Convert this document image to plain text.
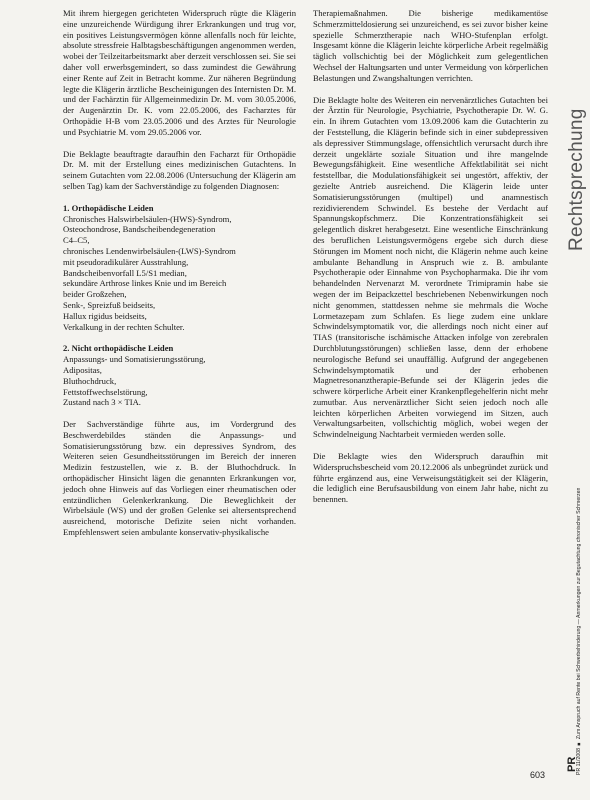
Mit ihrem hiergegen gerichteten Widerspruch rügte die Klägerin eine unzureichende Würdigung ihrer Erkrankungen und trug vor, ein positives Leistungsvermögen könne allenfalls noch für leichte, absolute stressfreie Halbtagsbeschäftigungen angenommen werden, wobei der Teilzeitarbeitsmarkt aber derzeit verschlossen sei. Sie sei daher voll erwerbsgemindert, so dass zumindest die Gewährung einer Rente auf Zeit in Betracht komme. Zur näheren Begründung legte die Klägerin ärztliche Bescheinigungen des Internisten Dr. M. und der Fachärztin für Allgemeinmedizin Dr. M. vom 30.05.2006, der Augenärztin Dr. K. vom 22.05.2006, des Facharztes für Orthopädie H-B vom 23.05.2006 und des Arztes für Neurologie und Psychiatrie M. vom 29.05.2006 vor.

Die Beklagte beauftragte daraufhin den Facharzt für Orthopädie Dr. M. mit der Erstellung eines medizinischen Gutachtens. In seinem Gutachten vom 22.08.2006 (Untersuchung der Klägerin am selben Tag) kam der Sachverständige zu folgenden Diagnosen:

1. Orthopädische Leiden

Chronisches Halswirbelsäulen-(HWS)-Syndrom,

Osteochondrose, Bandscheibendegeneration

C4–C5,

chronisches Lendenwirbelsäulen-(LWS)-Syndrom

mit pseudoradikulärer Ausstrahlung,

Bandscheibenvorfall L5/S1 median,

sekundäre Arthrose linkes Knie und im Bereich

beider Großzehen,

Senk-, Spreizfuß beidseits,

Hallux rigidus beidseits,

Verkalkung in der rechten Schulter.

2. Nicht orthopädische Leiden

Anpassungs- und Somatisierungsstörung,

Adipositas,

Bluthochdruck,

Fettstoffwechselstörung,

Zustand nach 3 × TIA.

Der Sachverständige führte aus, im Vordergrund des Beschwerdebildes ständen die Anpassungs- und Somatisierungsstörung bzw. ein depressives Syndrom, des Weiteren seien Gesundheitsstörungen im Bereich der inneren Medizin festzustellen, wie z. B. der Bluthochdruck. In orthopädischer Hinsicht lägen die genannten Erkrankungen vor, jedoch ohne Hinweis auf das Vorliegen einer rheumatischen oder entzündlichen Gelenkerkrankung. Die Beweglichkeit der Wirbelsäule (WS) und der großen Gelenke sei altersentsprechend ausreichend, motorische Defizite seien nicht vorhanden. Empfehlenswert seien ambulante konservativ-physikalische

Therapiemaßnahmen. Die bisherige medikamentöse Schmerzmitteldosierung sei unzureichend, es sei zuvor bisher keine spezielle Schmerztherapie nach WHO-Stufenplan erfolgt. Insgesamt könne die Klägerin leichte körperliche Arbeit regelmäßig täglich vollschichtig bei der Möglichkeit zum gelegentlichen Wechsel der Haltungsarten und unter Vermeidung von körperlichen Belastungen und Zwangshaltungen verrichten.

Die Beklagte holte des Weiteren ein nervenärztliches Gutachten bei der Ärztin für Neurologie, Psychiatrie, Psychotherapie Dr. W. G. ein. In ihrem Gutachten vom 13.09.2006 kam die Gutachterin zu der Feststellung, die Klägerin befinde sich in einer subdepressiven als depressiver Stimmungslage, offensichtlich verursacht durch ihre derzeit ungeklärte soziale Situation und ihre mangelnde Bewegungsfähigkeit. Eine wesentliche Affektlabilität sei nicht feststellbar, die Modulationsfähigkeit sei ungestört, affektiv, der gezielte Antrieb ausreichend. Die Klägerin leide unter Somatisierungsstörungen (multipel) und anamnestisch rezidivierendem Schwindel. Es bestehe der Verdacht auf Spannungskopfschmerz. Die Konzentrationsfähigkeit sei gelegentlich diskret herabgesetzt. Eine wesentliche Einschränkung des beruflichen Leistungsvermögens ergebe sich durch diese Störungen im Moment noch nicht, die Klägerin nehme auch keine ambulante Behandlung in Anspruch wie z. B. ambulante Psychotherapie oder Einnahme von Psychopharmaka. Die ihr vom behandelnden Nervenarzt M. verordnete Trimipramin habe sie wegen der im Beipackzettel beschriebenen Nebenwirkungen noch nicht genommen, stattdessen nehme sie mehrmals die Woche Lormetazepam zum Schlafen. Es liege zudem eine unklare Schwindelsymptomatik vor, die allerdings noch nicht einer auf TIAS (transitorische ischämische Attacken infolge von zerebralen Durchblutungsstörungen) schließen lasse, denn der erhobene neurologische Befund sei unauffällig. Aufgrund der angegebenen Schwindelsymptomatik und der erhobenen Magnetresonanztherapie-Befunde sei der Klägerin jedes die schwere körperliche Arbeit einer Krankenpflegehelferin nicht mehr zumutbar. Aus nervenärztlicher Sicht seien jedoch noch alle leichten körperlichen Arbeiten vorwiegend im Sitzen, auch Verwaltungsarbeiten, vollschichtig möglich, wobei wegen der Schwindelneigung Nachtarbeit vermieden werden solle.

Die Beklagte wies den Widerspruch daraufhin mit Widerspruchsbescheid vom 20.12.2006 als unbegründet zurück und führte ergänzend aus, eine Verweisungstätigkeit sei der Klägerin, die lediglich eine Berufsausbildung von einem Jahr habe, nicht zu benennen.

Rechtsprechung
PR 11/2008 ■ Zum Anspruch auf Rente bei Schwerbehinderung — Anmerkungen zur Begutachtung chronischer Schmerzen
PR
603
